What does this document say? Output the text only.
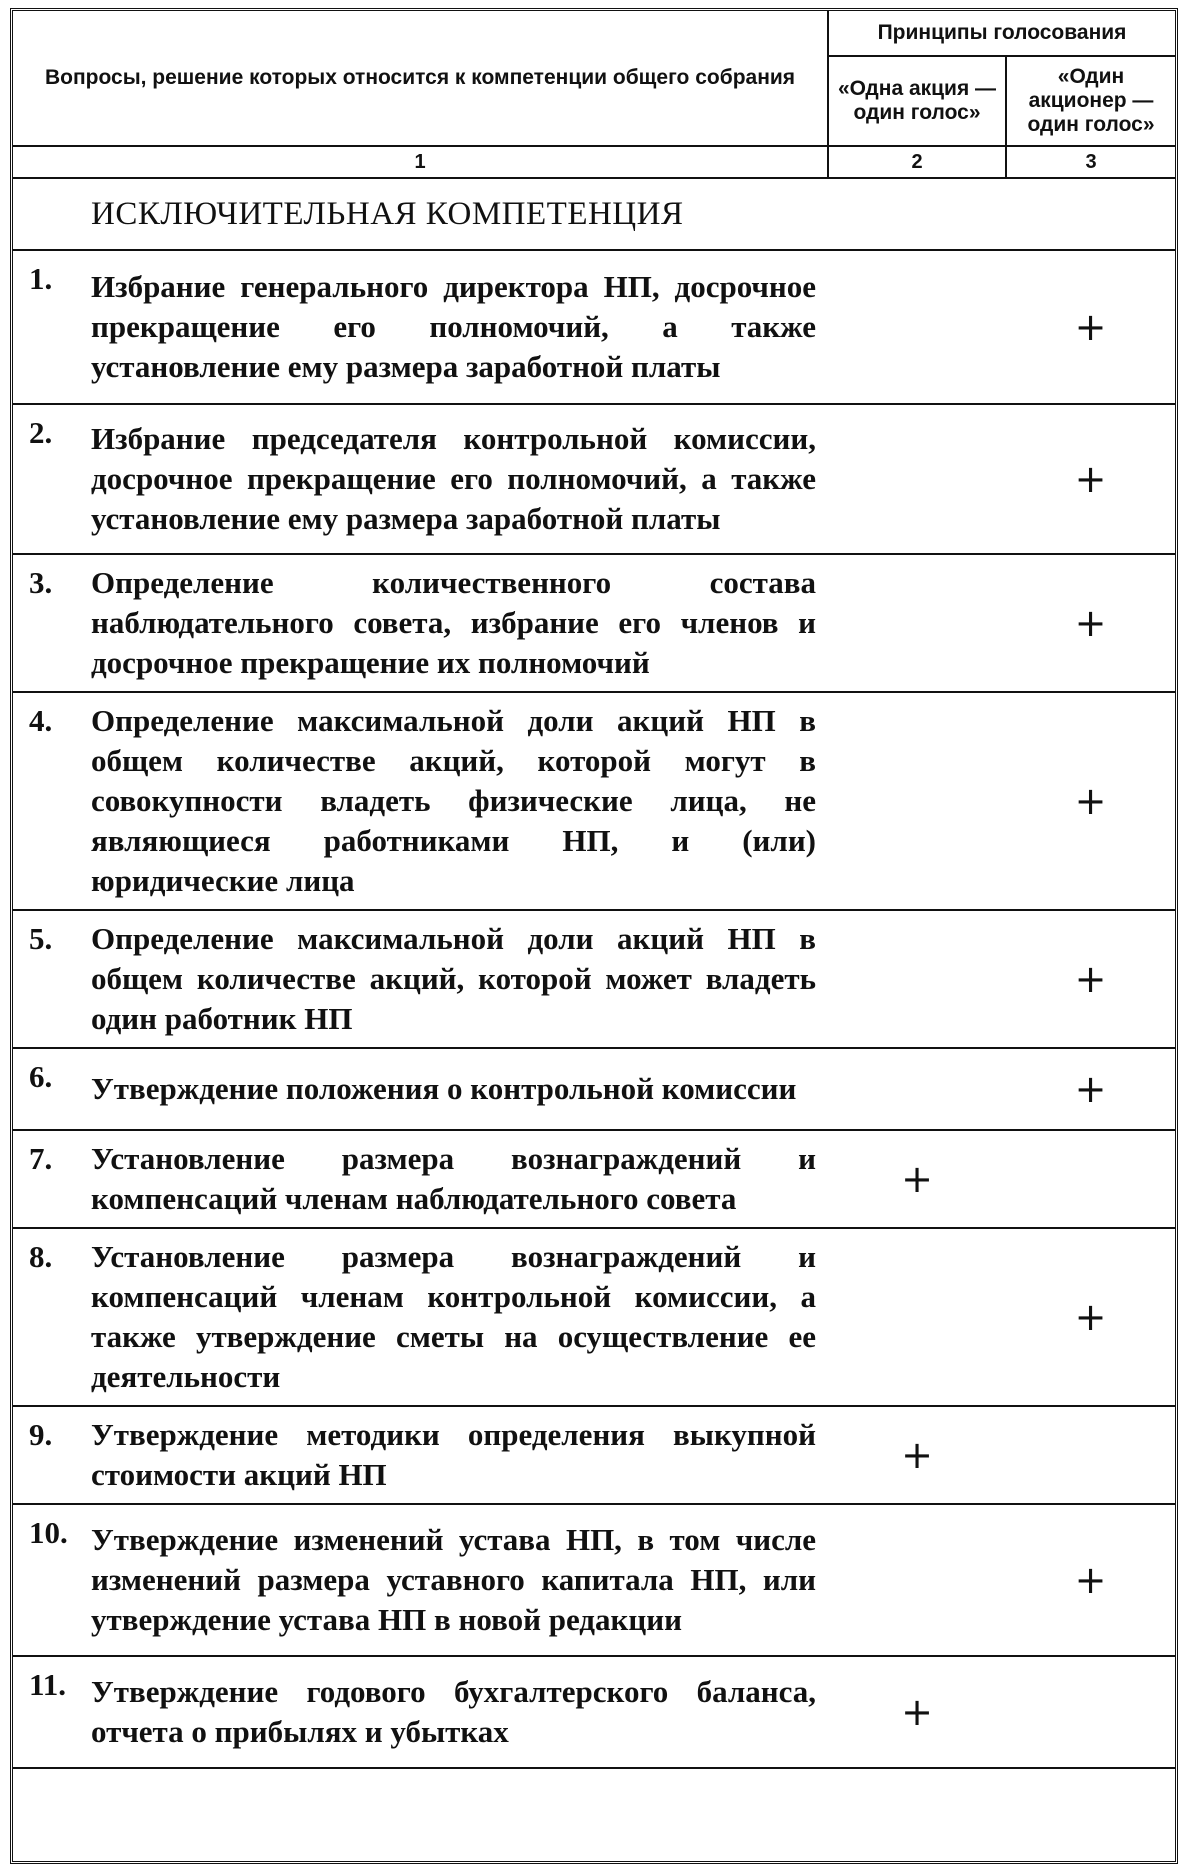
Вопросы, решение которых относится к компетенции общего собрания	Принципы голосования	
	«Одна акция — один голос»	«Один акционер — один голос»
1	2	3
ИСКЛЮЧИТЕЛЬНАЯ КОМПЕТЕНЦИЯ		

1. Избрание генерального директора НП, досрочное прекращение его полномочий, а также установление ему размера заработной платы		+

2. Избрание председателя контрольной комиссии, досрочное прекращение его полномочий, а также установление ему размера заработной платы		+

3. Определение количественного состава наблюдательного совета, избрание его членов и досрочное прекращение их полномочий		+

4. Определение максимальной доли акций НП в общем количестве акций, которой могут в совокупности владеть физические лица, не являющиеся работниками НП, и (или) юридические лица		+

5. Определение максимальной доли акций НП в общем количестве акций, которой может владеть один работник НП		+

6. Утверждение положения о контрольной комиссии		+

7. Установление размера вознаграждений и компенсаций членам наблюдательного совета	+	

8. Установление размера вознаграждений и компенсаций членам контрольной комиссии, а также утверждение сметы на осуществление ее деятельности		+

9. Утверждение методики определения выкупной стоимости акций НП	+	

10. Утверждение изменений устава НП, в том числе изменений размера уставного капитала НП, или утверждение устава НП в новой редакции		+

11. Утверждение годового бухгалтерского баланса, отчета о прибылях и убытках	+	
